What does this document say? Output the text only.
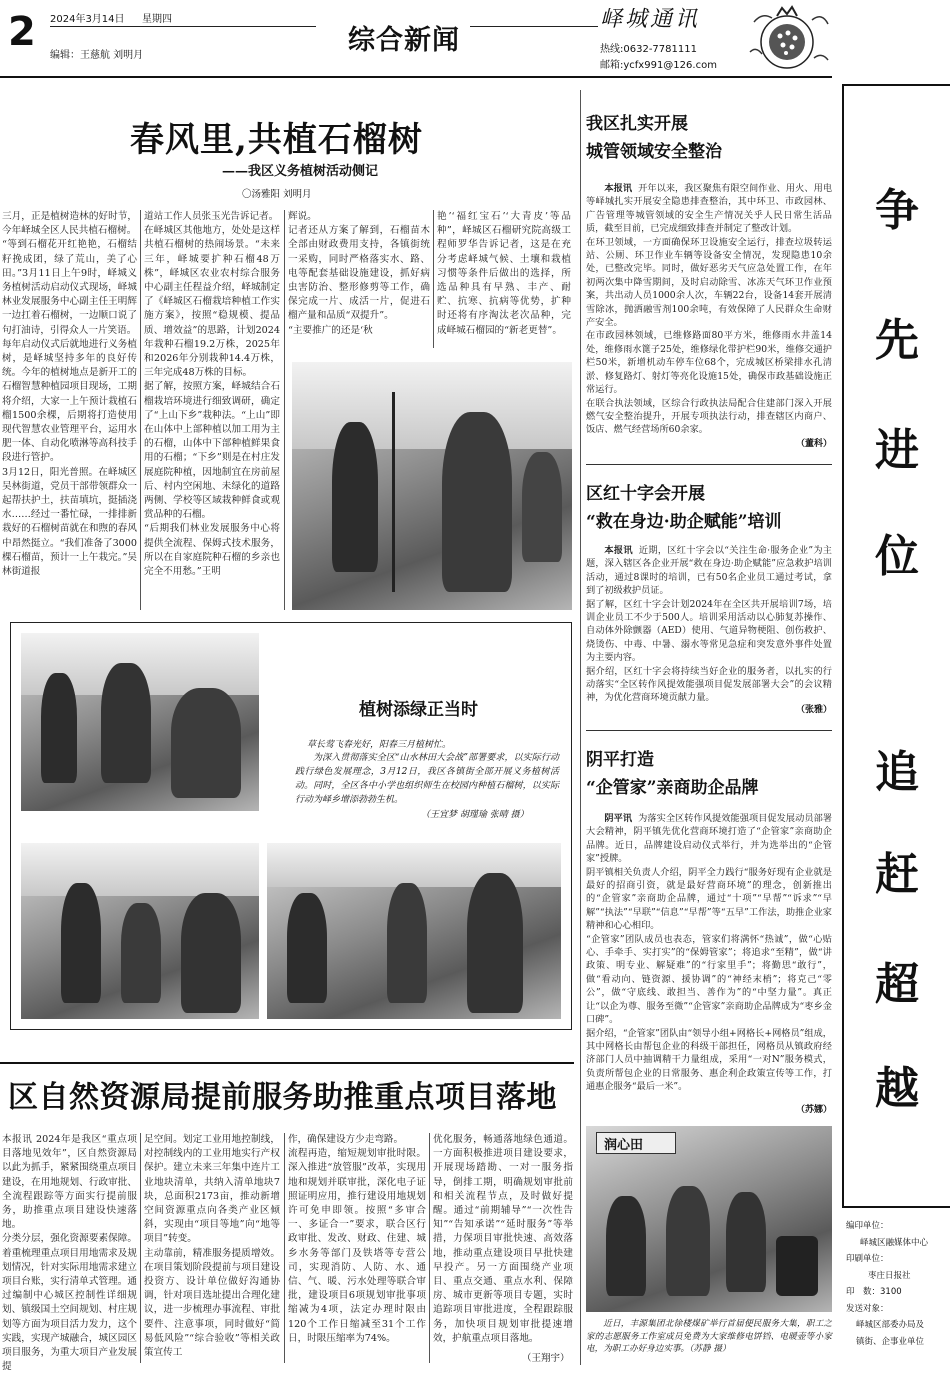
2 2024年3月14日 星期四
编辑：王慈航 刘明月	综合新闻
峄城通讯
热线:0632-7781111
邮箱:ycfx991@126.com
春风里,共植石榴树
——我区义务植树活动侧记
〇汤雅阳 刘明月
三月，正是植树造林的好时节，今年峄城全区人民共植石榴树。
“等到石榴花开红艳艳，石榴结籽挽成团，绿了荒山，美了心田。”3月11日上午9时，峄城义务植树活动启动仪式现场，峄城林业发展服务中心副主任王明辉一边扛着石榴树，一边顺口说了句打油诗，引得众人一片笑语。
每年启动仪式后就地进行义务植树，是峄城坚持多年的良好传统。今年的植树地点是新开工的石榴智慧种植园项目现场，工期将介绍，大家一上午预计栽植石榴1500余棵，后期将打造使用现代智慧农业管理平台，运用水肥一体、自动化喷淋等高科技手段进行管护。
3月12日，阳光普照。在峄城区吴林街道，党员干部带领群众一起帮扶护土，扶苗填坑，挺插浇水……经过一番忙碌，一排排新栽好的石榴树苗就在和煦的春风中昂然挺立。“我们准备了3000棵石榴苗，预计一上午栽完。”吴林街道报
道站工作人员张玉光告诉记者。
在峄城区其他地方，处处是这样共植石榴树的热闹场景。“未来三年，峄城要扩种石榴48万株”，峄城区农业农村综合服务中心副主任程益介绍，峄城制定了《峄城区石榴栽培种植工作实施方案》，按照“稳规模、提品质、增效益”的思路，计划2024年栽种石榴19.2万株，2025年和2026年分别栽种14.4万株，三年完成48万株的目标。
据了解，按照方案，峄城结合石榴栽培环境进行细致调研，确定了“上山下乡”栽种法。“上山”即在山体中上部种植以加工用为主的石榴，山体中下部种植鲜果食用的石榴；“下乡”则是在村庄发展庭院种植，因地制宜在房前屋后、村内空闲地、未绿化的道路两侧、学校等区域栽种鲜食或观赏品种的石榴。
“后期我们林业发展服务中心将提供全流程、保姆式技术服务，所以在自家庭院种石榴的乡亲也完全不用愁。”王明
辉说。
记者还从方案了解到，石榴苗木全部由财政费用支持，各镇街统一采购，同时严格落实水、路、电等配套基础设施建设，抓好病虫害防治、整形修剪等工作，确保完成一片、成活一片，促进石榴产量和品质“双提升”。
“主要推广的还是‘秋
艳’‘福红宝石’‘大青皮’等品种”，峄城区石榴研究院高级工程师罗华告诉记者，这是在充分考虑峄城气候、土壤和栽植习惯等条件后做出的选择，所选品种具有早熟、丰产、耐贮、抗寒、抗病等优势，扩种时还将有序淘汰老次品种，完成峄城石榴园的“新老更替”。
植树添绿正当时
草长莺飞春光好，阳春三月植树忙。
为深入贯彻落实全区“山水林田大会战”部署要求，以实际行动践行绿色发展理念，3月12日，我区各镇街全部开展义务植树活动。同时，全区各中小学也组织师生在校园内种植石榴树，以实际行动为峄乡增添勃勃生机。
（王宜梦 胡瑾瑜 张晴 摄）
区自然资源局提前服务助推重点项目落地
本报讯 2024年是我区“重点项目落地见效年”，区自然资源局以此为抓手，紧紧围绕重点项目建设，在用地规划、行政审批、全流程跟踪等方面实行提前服务，助推重点项目建设快速落地。
分类分层，强化资源要素保障。着重梳理重点项目用地需求及规划情况，针对实际用地需求建立项目台账，实行清单式管理。通过编制中心城区控制性详细规划、镇级国土空间规划、村庄规划等方面为项目活力发力，这个实践，实现产城融合，城区园区项目服务，为重大项目产业发展提
足空间。划定工业用地控制线，对控制线内的工业用地实行产权保护。建立未来三年集中连片工业地块清单，共纳入清单地块7块，总面积2173亩，推动新增空间资源重点向各类产业区倾斜，实现由“项目等地”向“地等项目”转变。
主动靠前，精准服务提质增效。在项目策划阶段提前与项目建设投资方、设计单位做好沟通协调，针对项目选址提出合理化建议，进一步梳理办事流程、审批要件、注意事项，同时做好“简易低风险”“综合验收”等相关政策宣传工
作，确保建设方少走弯路。
流程再造，缩短规划审批时限。深入推进“放管服”改革，实现用地和规划并联审批，深化电子证照证明应用，推行建设用地规划许可免申即领。按照“多审合一、多证合一”要求，联合区行政审批、发改、财政、住建、城乡水务等部门及铁塔等专营公司，实现消防、人防、水、通信、气、暖、污水处理等联合审批，建设项目6项规划审批事项缩减为4项，法定办理时限由120个工作日缩减至31个工作日，时限压缩率为74%。
优化服务，畅通落地绿色通道。一方面积极推进项目建设要求，开展现场踏勘、一对一服务指导，倒排工期，明确规划审批前和相关流程节点，及时做好提醒。通过“前期辅导”“一次性告知”“告知承诺”“延时服务”等举措，力保项目审批快速、高效落地，推动重点建设项目早批快建早投产。另一方面围绕产业项目、重点交通、重点水利、保障房、城市更新等项目专题，实时追踪项目审批进度，全程跟踪服务，加快项目规划审批提速增效，护航重点项目落地。
（王翔宇）
我区扎实开展
城管领域安全整治
本报讯 开年以来，我区聚焦有限空间作业、用火、用电等峄城扎实开展安全隐患排查整治，其中环卫、市政园林、广告管理等城管领域的安全生产情况关乎人民日常生活品质，截至目前，已完成细致排查并制定了整改计划。
在环卫领域，一方面确保环卫设施安全运行，排查垃圾转运站、公厕、环卫作业车辆等设备安全情况，发现隐患10余处，已整改完毕。同时，做好恶劣天气应急处置工作，在年初两次集中降雪期间，及时启动除雪、冰冻天气环卫作业预案，共出动人员1000余人次，车辆22台，设备14套开展清雪除冰，抛洒融雪剂100余吨，有效保障了人民群众生命财产安全。
在市政园林领域，已维修路面80平方米，维修雨水井盖14处，维修雨水篦子25处，维修绿化带护栏90米，维修交通护栏50米，新增机动车停车位68个，完成城区桥梁排水孔清淤、修复路灯、射灯等亮化设施15处，确保市政基础设施正常运行。
在联合执法领域，区综合行政执法局配合住建部门深入开展燃气安全整治提升，开展专项执法行动，排查辖区内商户、饭店、燃气经营场所60余家。
（董科）
区红十字会开展
“救在身边·助企赋能”培训
本报讯 近期，区红十字会以“关注生命·服务企业”为主题，深入辖区各企业开展“救在身边·助企赋能”应急救护培训活动，通过8课时的培训，已有50名企业员工通过考试，拿到了初级救护员证。
据了解，区红十字会计划2024年在全区共开展培训7场，培训企业员工不少于500人。培训采用活动以心肺复苏操作、自动体外除颤器（AED）使用、气道异物梗阻、创伤救护、烧烫伤、中毒、中暑、溺水等常见急症和突发意外事件处置为主要内容。
据介绍，区红十字会将持续当好企业的服务者，以扎实的行动落实“全区转作风提效能强项目促发展部署大会”的会议精神，为优化营商环境贡献力量。
（张雅）
阴平打造
“企管家”亲商助企品牌
阴平讯 为落实全区转作风提效能强项目促发展动员部署大会精神，阴平镇先优化营商环境打造了“企管家”亲商助企品牌。近日，品牌建设启动仪式举行，并为选举出的“企管家”授牌。
阴平镇相关负责人介绍，阴平全力践行“服务好现有企业就是最好的招商引资，就是最好营商环境”的理念，创新推出的“企管家”亲商助企品牌，通过“十项”“早帮”“诉求”“早解”“执法”“早联”“信息”“早帮”等“五早”工作法，助推企业家精神和心心相印。
“企管家”团队成员也表态，管家们将满怀“热诚”，做“心贴心、手牵手、实打实”的“保姆管家”；将追求“至精”，做“讲政策、明专业、解疑难”的“行家里手”；将勤思“敢行”，做“看动向、链资源、援协调”的“神经末梢”；将克己“零公”，做“守底线、敢担当、善作为”的“中坚力量”。真正让“以企为尊、服务至微”“企管家”亲商助企品牌成为“枣乡金口碑”。
据介绍，“企管家”团队由“领导小组+网格长+网格员”组成，其中网格长由帮包企业的科级干部担任，网格员从镇政府经济部门人员中抽调精干力量组成，采用“一对N”服务模式，负责所帮包企业的日常服务、惠企利企政策宣传等工作，打通惠企服务“最后一米”。
（苏娜）
润心田
近日，丰源集团北徐楼煤矿举行首届便民服务大集，职工之家的志愿服务工作室成员免费为大家维修电饼铛、电暖壶等小家电，为职工办好身边实事。（苏静 摄）
争
先
进
位
追
赶
超
越
编印单位：
峄城区融媒体中心
印刷单位：
枣庄日报社
印　数：3100
发送对象：
峄城区部委办局及
镇街、企事业单位
